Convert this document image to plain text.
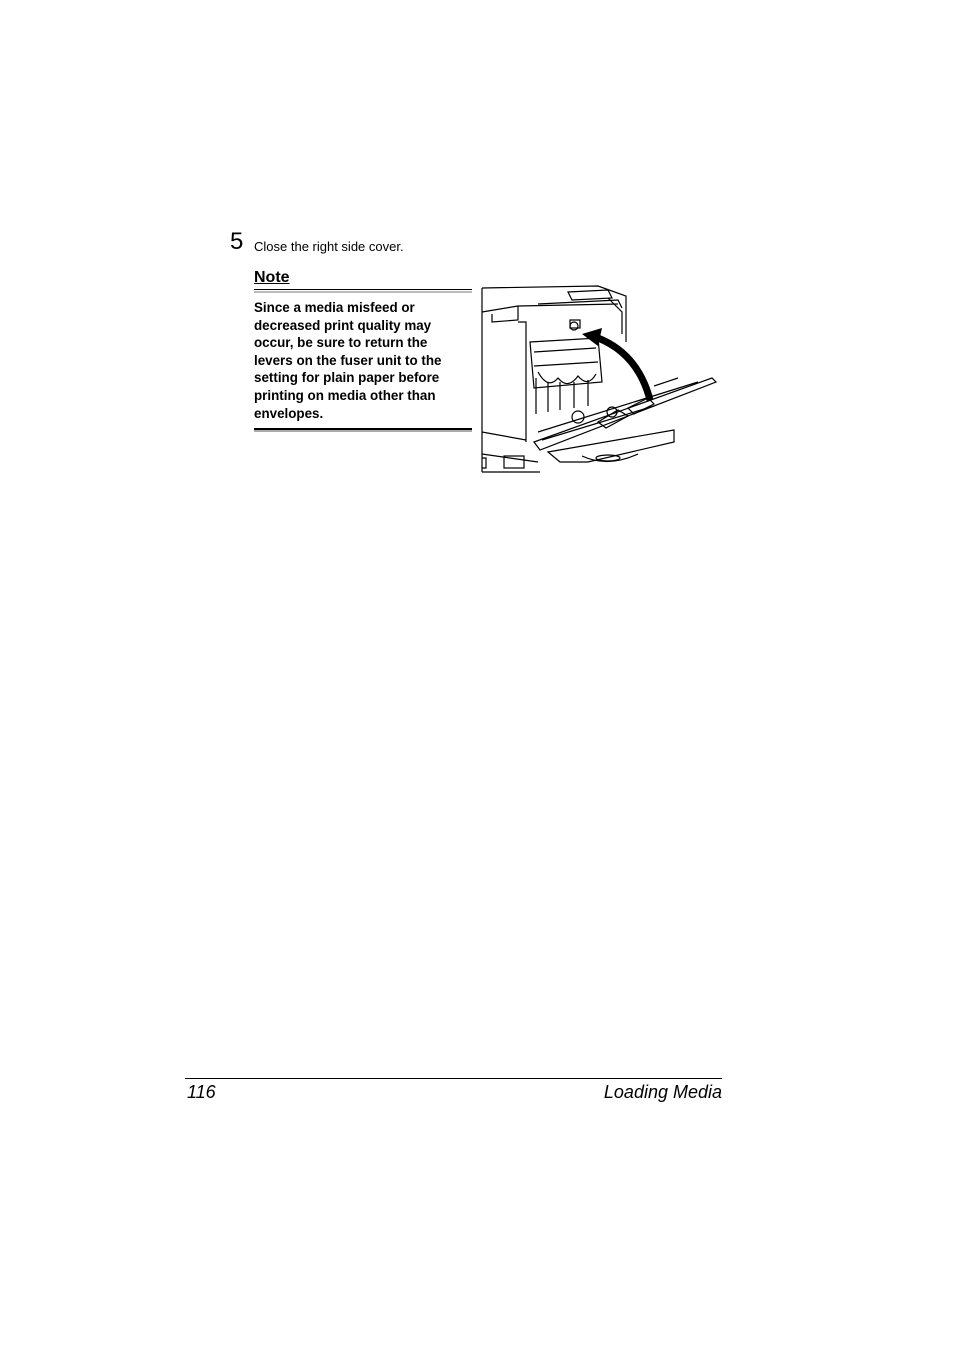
5 Close the right side cover.
Note
Since a media misfeed or
decreased print quality may
occur, be sure to return the
levers on the fuser unit to the
setting for plain paper before
printing on media other than
envelopes.
116	Loading Media
